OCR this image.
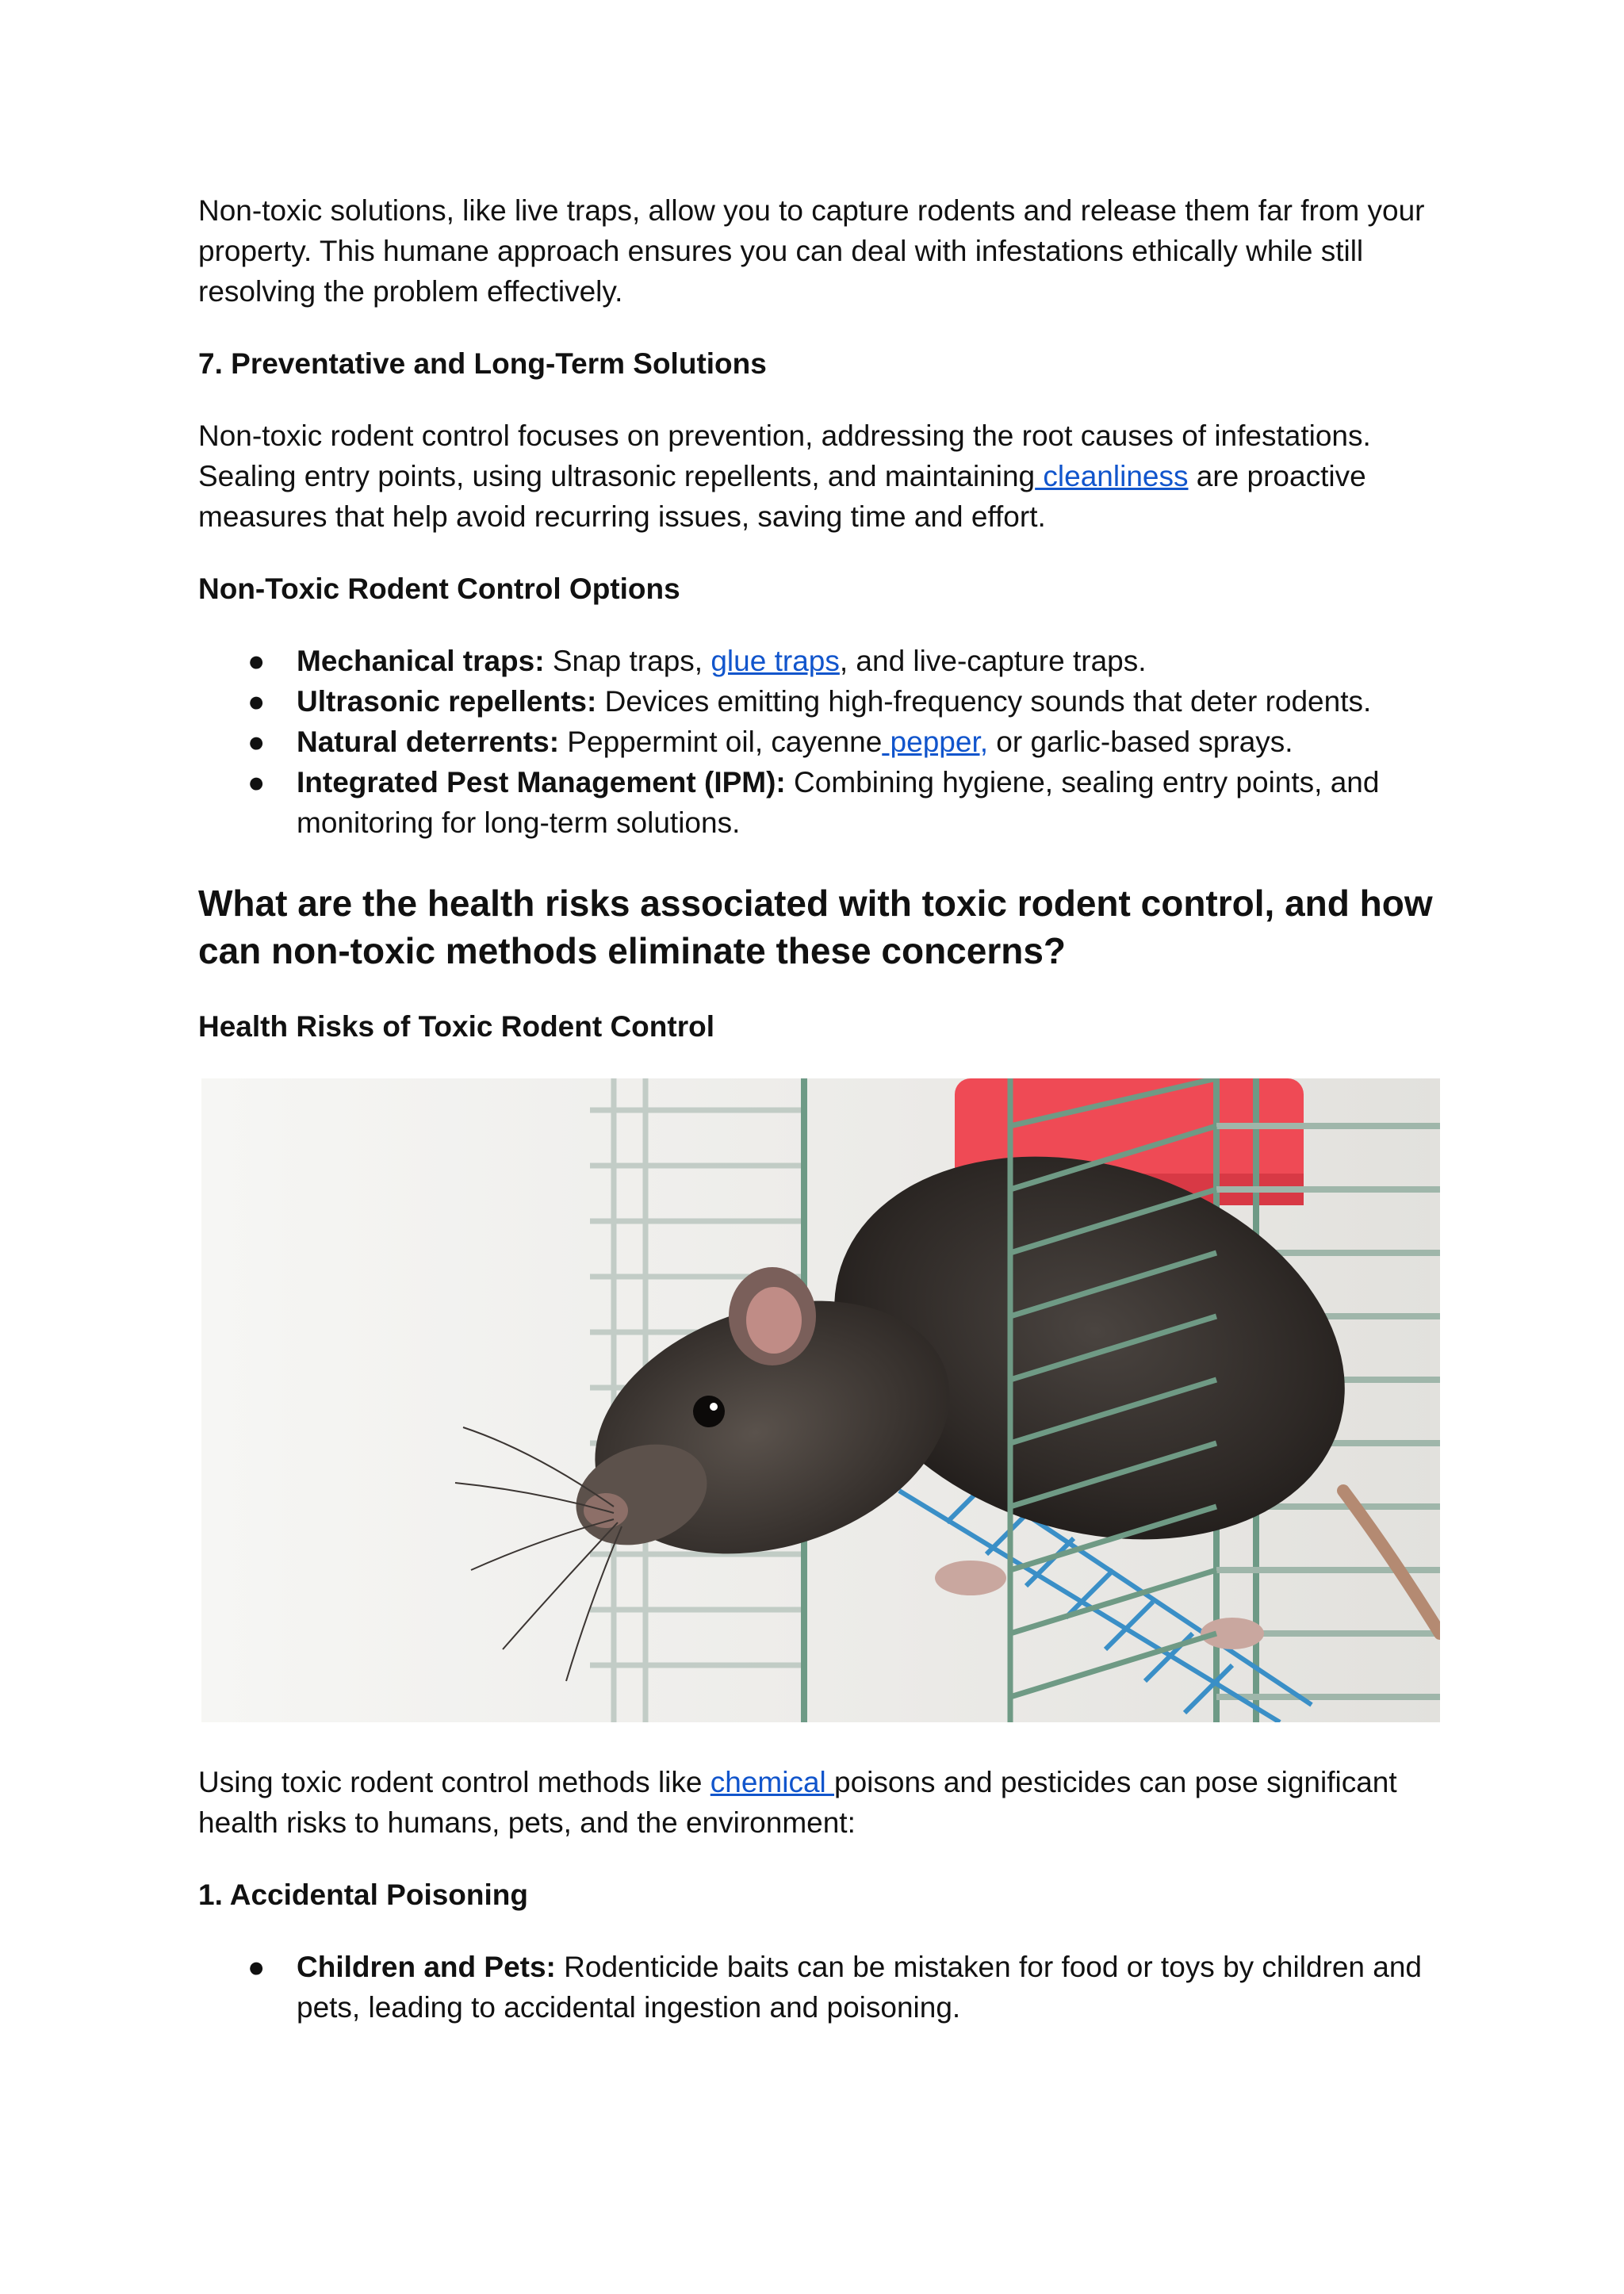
Non-toxic solutions, like live traps, allow you to capture rodents and release them far from your property. This humane approach ensures you can deal with infestations ethically while still resolving the problem effectively.

7. Preventative and Long-Term Solutions

Non-toxic rodent control focuses on prevention, addressing the root causes of infestations. Sealing entry points, using ultrasonic repellents, and maintaining cleanliness are proactive measures that help avoid recurring issues, saving time and effort.

Non-Toxic Rodent Control Options
● Mechanical traps: Snap traps, glue traps, and live-capture traps.
● Ultrasonic repellents: Devices emitting high-frequency sounds that deter rodents.
● Natural deterrents: Peppermint oil, cayenne pepper, or garlic-based sprays.
● Integrated Pest Management (IPM): Combining hygiene, sealing entry points, and monitoring for long-term solutions.
What are the health risks associated with toxic rodent control, and how can non-toxic methods eliminate these concerns?
Health Risks of Toxic Rodent Control

Using toxic rodent control methods like chemical poisons and pesticides can pose significant health risks to humans, pets, and the environment:

1. Accidental Poisoning
● Children and Pets: Rodenticide baits can be mistaken for food or toys by children and pets, leading to accidental ingestion and poisoning.
